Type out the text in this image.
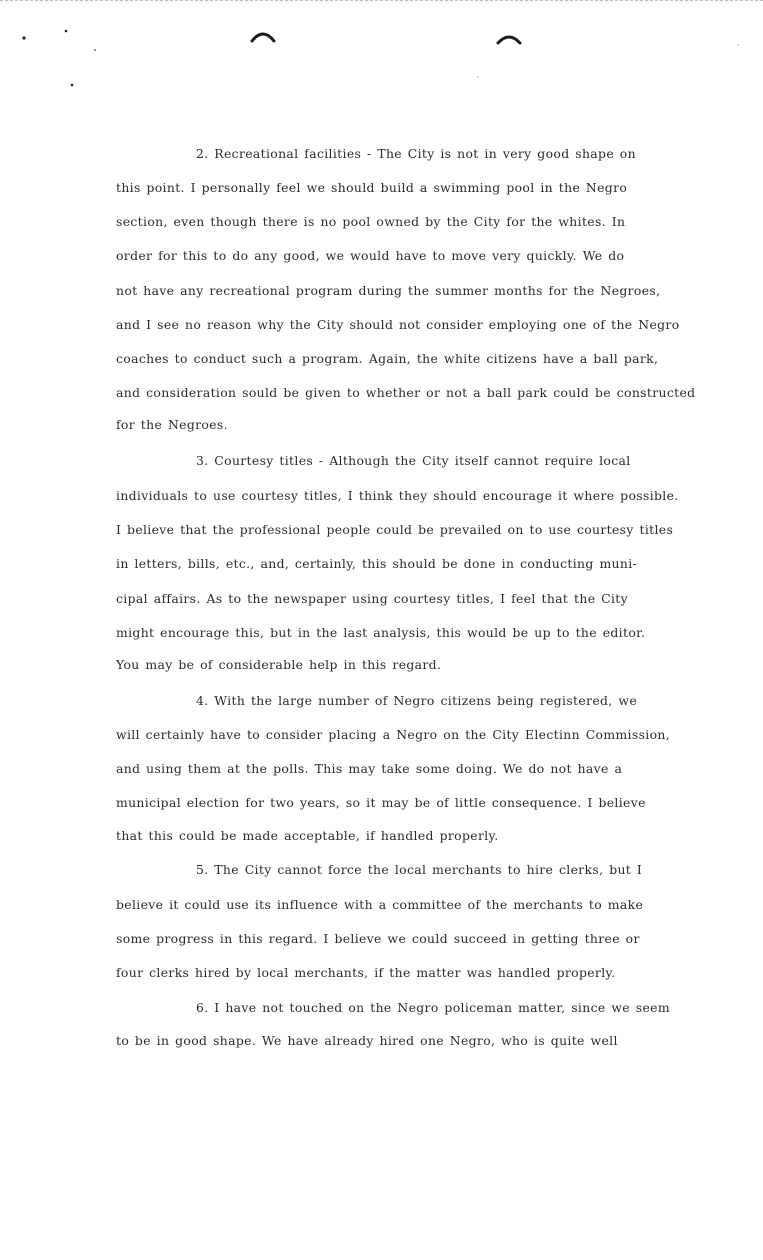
2. Recreational facilities - The City is not in very good shape on
this point. I personally feel we should build a swimming pool in the Negro
section, even though there is no pool owned by the City for the whites. In
order for this to do any good, we would have to move very quickly. We do
not have any recreational program during the summer months for the Negroes,
and I see no reason why the City should not consider employing one of the Negro
coaches to conduct such a program. Again, the white citizens have a ball park,
and consideration sould be given to whether or not a ball park could be constructed
for the Negroes.
3. Courtesy titles - Although the City itself cannot require local
individuals to use courtesy titles, I think they should encourage it where possible.
I believe that the professional people could be prevailed on to use courtesy titles
in letters, bills, etc., and, certainly, this should be done in conducting muni-
cipal affairs. As to the newspaper using courtesy titles, I feel that the City
might encourage this, but in the last analysis, this would be up to the editor.
You may be of considerable help in this regard.
4. With the large number of Negro citizens being registered, we
will certainly have to consider placing a Negro on the City Electinn Commission,
and using them at the polls. This may take some doing. We do not have a
municipal election for two years, so it may be of little consequence. I believe
that this could be made acceptable, if handled properly.
5. The City cannot force the local merchants to hire clerks, but I
believe it could use its influence with a committee of the merchants to make
some progress in this regard. I believe we could succeed in getting three or
four clerks hired by local merchants, if the matter was handled properly.
6. I have not touched on the Negro policeman matter, since we seem
to be in good shape. We have already hired one Negro, who is quite well
